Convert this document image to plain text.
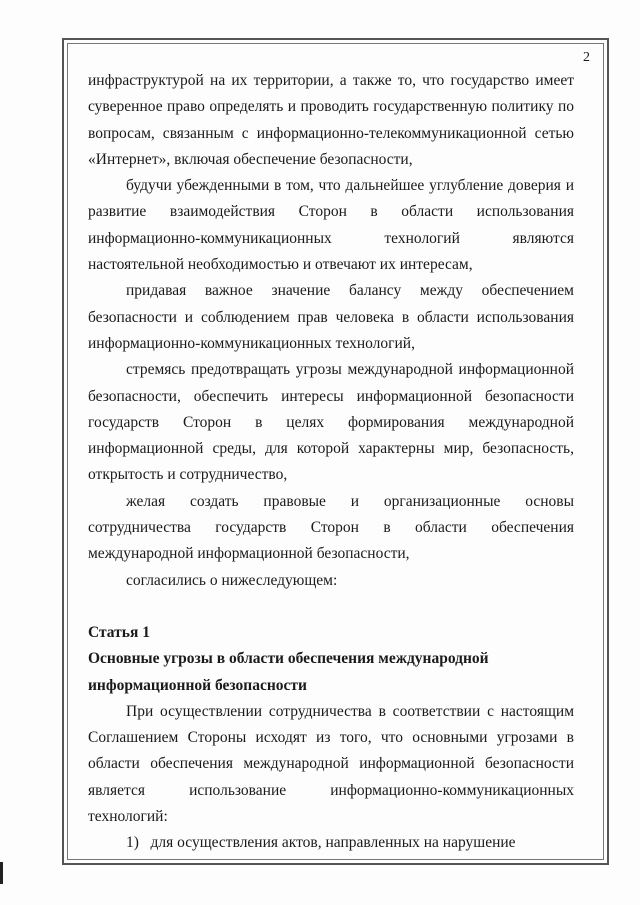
2

инфраструктурой на их территории, а также то, что государство имеет суверенное право определять и проводить государственную политику по вопросам, связанным с информационно-телекоммуникационной сетью «Интернет», включая обеспечение безопасности,

будучи убежденными в том, что дальнейшее углубление доверия и развитие взаимодействия Сторон в области использования информационно-коммуникационных технологий являются настоятельной необходимостью и отвечают их интересам,

придавая важное значение балансу между обеспечением безопасности и соблюдением прав человека в области использования информационно-коммуникационных технологий,

стремясь предотвращать угрозы международной информационной безопасности, обеспечить интересы информационной безопасности государств Сторон в целях формирования международной информационной среды, для которой характерны мир, безопасность, открытость и сотрудничество,

желая создать правовые и организационные основы сотрудничества государств Сторон в области обеспечения международной информационной безопасности,

согласились о нижеследующем:

Статья 1

Основные угрозы в области обеспечения международной

информационной безопасности

При осуществлении сотрудничества в соответствии с настоящим Соглашением Стороны исходят из того, что основными угрозами в области обеспечения международной информационной безопасности является использование информационно-коммуникационных технологий:

1)   для осуществления актов, направленных на нарушение
